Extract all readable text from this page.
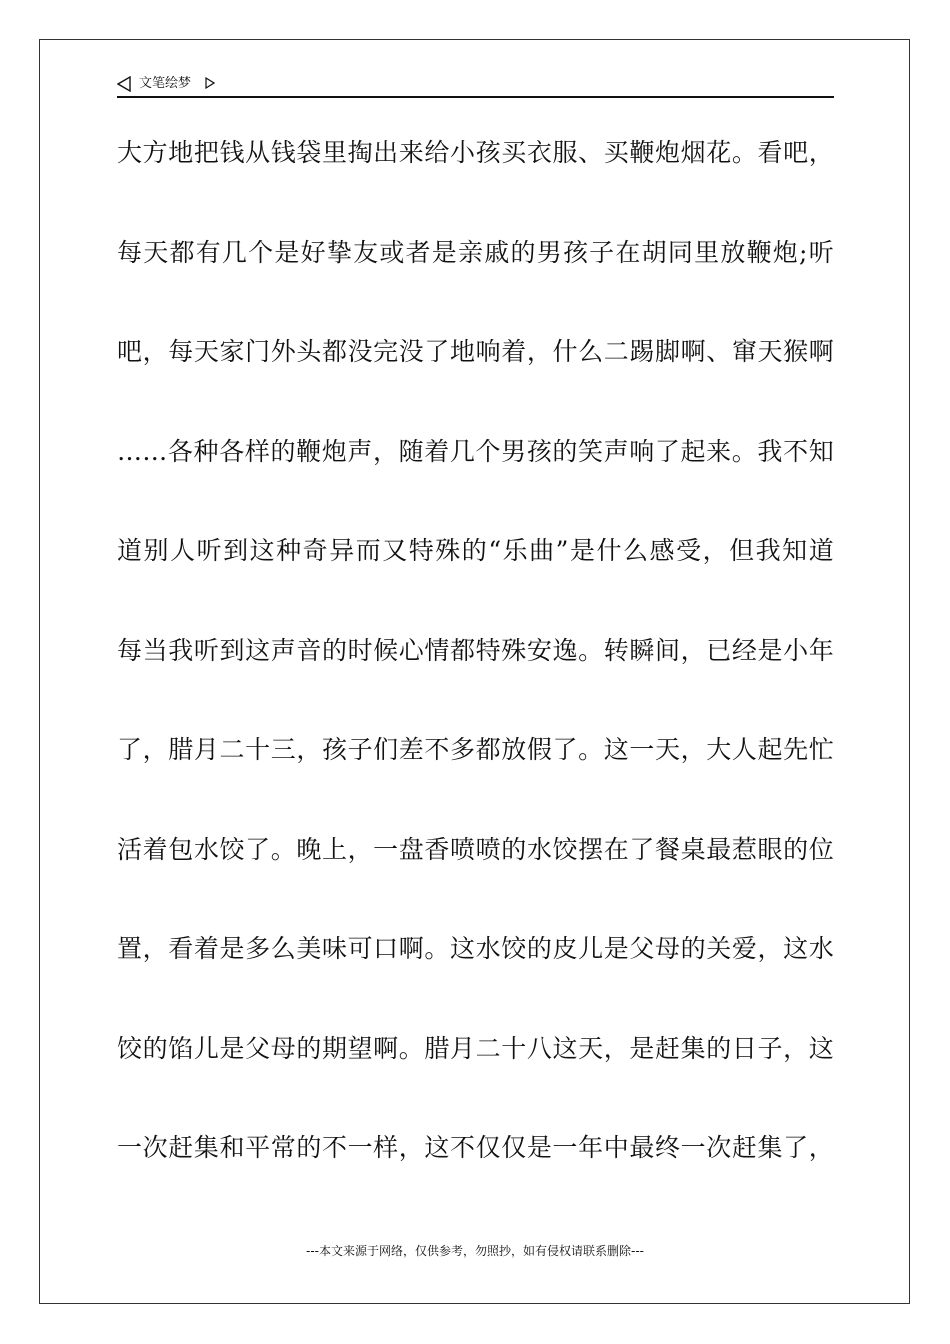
文笔绘梦
大方地把钱从钱袋里掏出来给小孩买衣服、买鞭炮烟花。看吧，
每天都有几个是好挚友或者是亲戚的男孩子在胡同里放鞭炮;听
吧，每天家门外头都没完没了地响着，什么二踢脚啊、窜天猴啊
……各种各样的鞭炮声，随着几个男孩的笑声响了起来。我不知
道别人听到这种奇异而又特殊的“乐曲”是什么感受，但我知道
每当我听到这声音的时候心情都特殊安逸。转瞬间，已经是小年
了，腊月二十三，孩子们差不多都放假了。这一天，大人起先忙
活着包水饺了。晚上，一盘香喷喷的水饺摆在了餐桌最惹眼的位
置，看着是多么美味可口啊。这水饺的皮儿是父母的关爱，这水
饺的馅儿是父母的期望啊。腊月二十八这天，是赶集的日子，这
一次赶集和平常的不一样，这不仅仅是一年中最终一次赶集了，
---本文来源于网络，仅供参考，勿照抄，如有侵权请联系删除---
